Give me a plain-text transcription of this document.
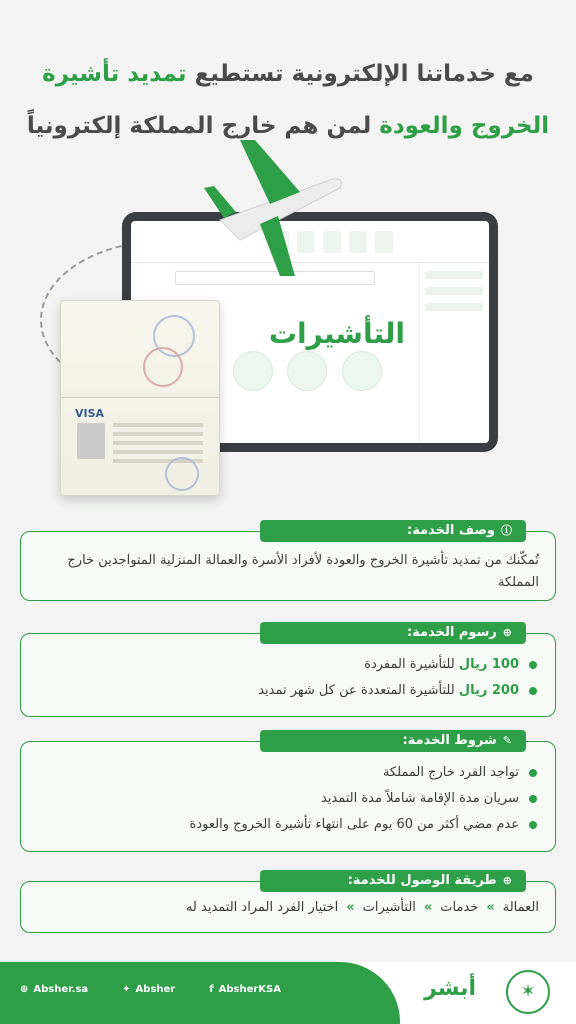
مع خدماتنا الإلكترونية تستطيع تمديد تأشيرة
الخروج والعودة لمن هم خارج المملكة إلكترونياً
التأشيرات
VISA
ⓘوصف الخدمة:
تُمكّنك من تمديد تأشيرة الخروج والعودة لأفراد الأسرة والعمالة المنزلية المتواجدين خارج المملكة
⊕رسوم الخدمة:
100 ريال للتأشيرة المفردة
200 ريال للتأشيرة المتعددة عن كل شهر تمديد
✎شروط الخدمة:
تواجد الفرد خارج المملكة
سريان مدة الإقامة شاملاً مدة التمديد
عدم مضي أكثر من 60 يوم على انتهاء تأشيرة الخروج والعودة
⊕طريقة الوصول للخدمة:
العمالة
»
خدمات
»
التأشيرات
»
اختيار الفرد المراد التمديد له
⊕ Absher.sa	✦ Absher	f AbsherKSA	أبشر	✶
